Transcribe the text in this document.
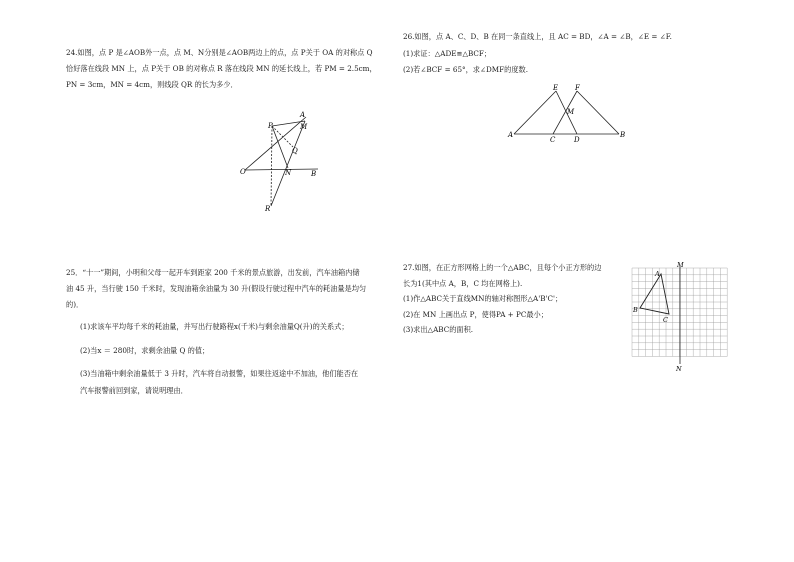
24.如图，点 P 是∠AOB外一点，点 M、N分别是∠AOB两边上的点，点 P关于 OA 的对称点 Q
恰好落在线段 MN 上，点 P关于 OB 的对称点 R 落在线段 MN 的延长线上，若 PM = 2.5cm，
PN = 3cm，MN = 4cm，则线段 QR 的长为多少．
P
A
M
Q
O	N	B
R
25．“十一”期间，小明和父母一起开车到距家 200 千米的景点旅游，出发前，汽车油箱内储
油 45 升，当行驶 150 千米时，发现油箱余油量为 30 升(假设行驶过程中汽车的耗油量是均匀
的)．
(1)求该车平均每千米的耗油量，并写出行驶路程x(千米)与剩余油量Q(升)的关系式；
(2)当x ＝ 280时，求剩余油量 Q 的值；
(3)当油箱中剩余油量低于 3 升时，汽车将自动报警，如果往返途中不加油，他们能否在
汽车报警前回到家，请说明理由．
26.如图，点 A、C、D、B 在同一条直线上，且 AC = BD，∠A = ∠B，∠E = ∠F.
(1)求证：△ADE≌△BCF；
(2)若∠BCF = 65°，求∠DMF的度数.
A
E F
M
C	D
B
27.如图，在正方形网格上的一个△ABC，且每个小正方形的边
长为1(其中点 A，B，C 均在网格上).
(1)作△ABC关于直线MN的轴对称图形△A'B'C'；
(2)在 MN 上画出点 P，使得PA + PC最小；
(3)求出△ABC的面积.
M
N
A
B
C
